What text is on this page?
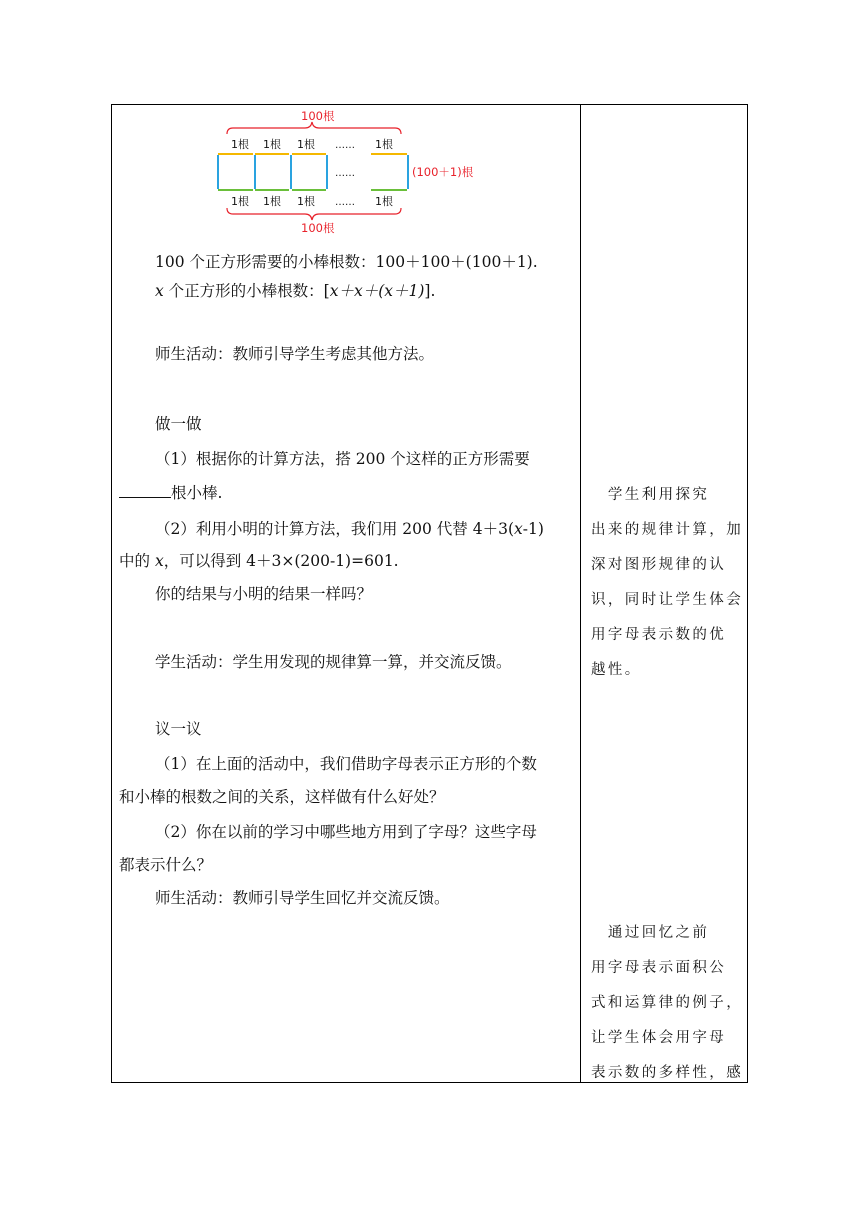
100根
1根 1根 1根 …… 1根
……	(100＋1)根
1根 1根 1根 …… 1根
100根
100 个正方形需要的小棒根数：100＋100＋(100＋1).
x 个正方形的小棒根数：[x＋x＋(x＋1)].
师生活动：教师引导学生考虑其他方法。
做一做
（1）根据你的计算方法，搭 200 个这样的正方形需要
根小棒.
（2）利用小明的计算方法，我们用 200 代替 4＋3(x-1)
中的 x，可以得到 4＋3×(200-1)=601.
你的结果与小明的结果一样吗？
学生活动：学生用发现的规律算一算，并交流反馈。
议一议
（1）在上面的活动中，我们借助字母表示正方形的个数
和小棒的根数之间的关系，这样做有什么好处？
（2）你在以前的学习中哪些地方用到了字母？这些字母
都表示什么？
师生活动：教师引导学生回忆并交流反馈。

　学生利用探究

出来的规律计算，加

深对图形规律的认

识，同时让学生体会

用字母表示数的优

越性。

　通过回忆之前

用字母表示面积公

式和运算律的例子，

让学生体会用字母

表示数的多样性，感
